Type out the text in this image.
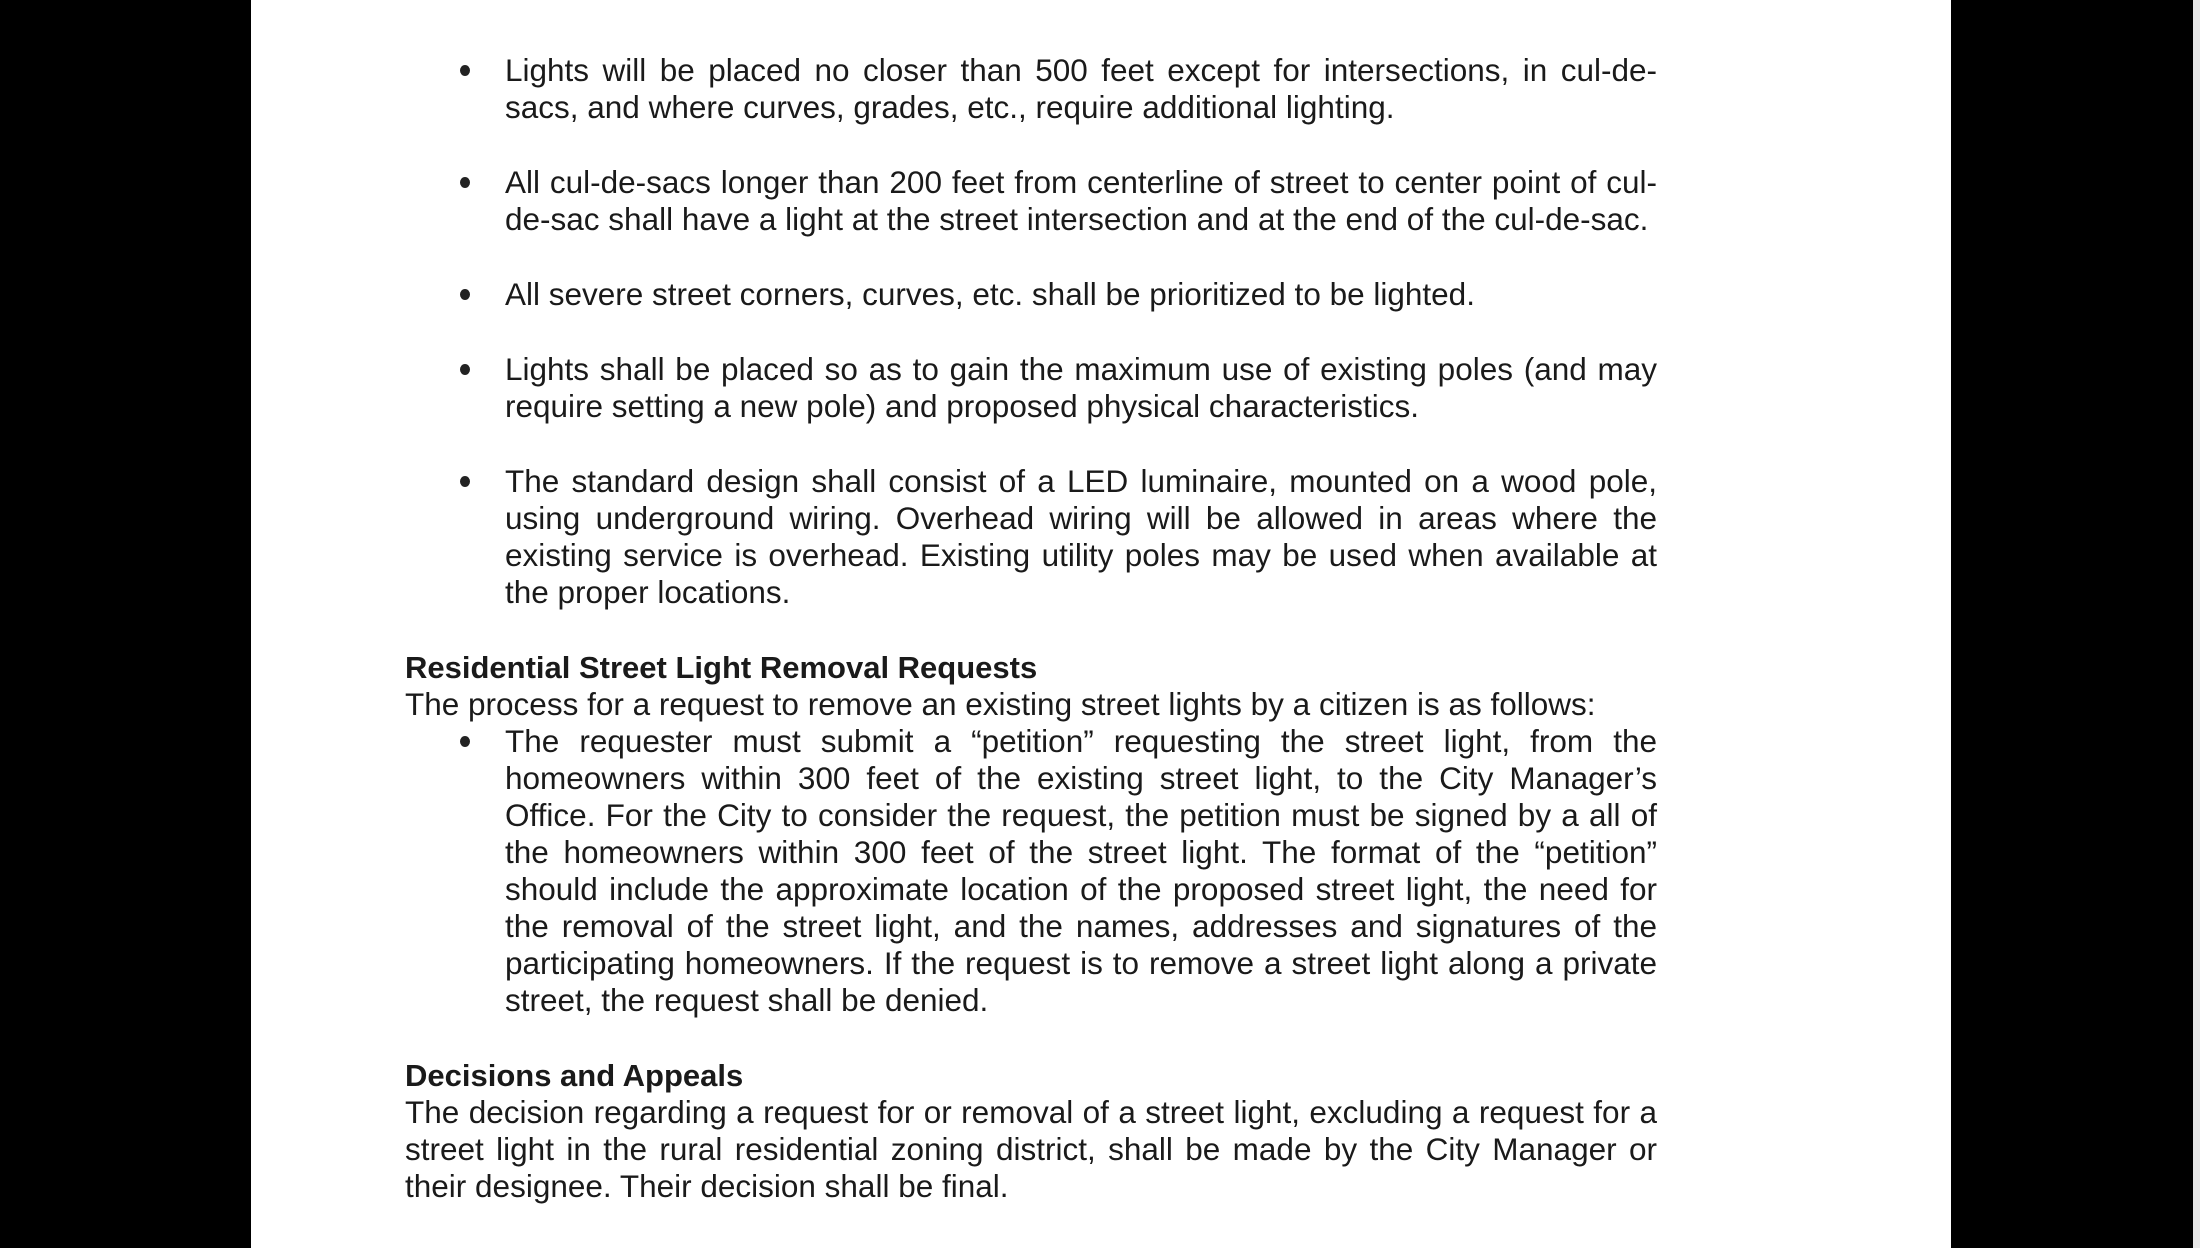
Lights will be placed no closer than 500 feet except for intersections, in cul-de-sacs, and where curves, grades, etc., require additional lighting.
All cul-de-sacs longer than 200 feet from centerline of street to center point of cul-de-sac shall have a light at the street intersection and at the end of the cul-de-sac.
All severe street corners, curves, etc. shall be prioritized to be lighted.
Lights shall be placed so as to gain the maximum use of existing poles (and may require setting a new pole) and proposed physical characteristics.
The standard design shall consist of a LED luminaire, mounted on a wood pole, using underground wiring. Overhead wiring will be allowed in areas where the existing service is overhead. Existing utility poles may be used when available at the proper locations.
Residential Street Light Removal Requests

The process for a request to remove an existing street lights by a citizen is as follows:

The requester must submit a “petition” requesting the street light, from the homeowners within 300 feet of the existing street light, to the City Manager’s Office. For the City to consider the request, the petition must be signed by a all of the homeowners within 300 feet of the street light. The format of the “petition” should include the approximate location of the proposed street light, the need for the removal of the street light, and the names, addresses and signatures of the participating homeowners. If the request is to remove a street light along a private street, the request shall be denied.
Decisions and Appeals

The decision regarding a request for or removal of a street light, excluding a request for a street light in the rural residential zoning district, shall be made by the City Manager or their designee. Their decision shall be final.
